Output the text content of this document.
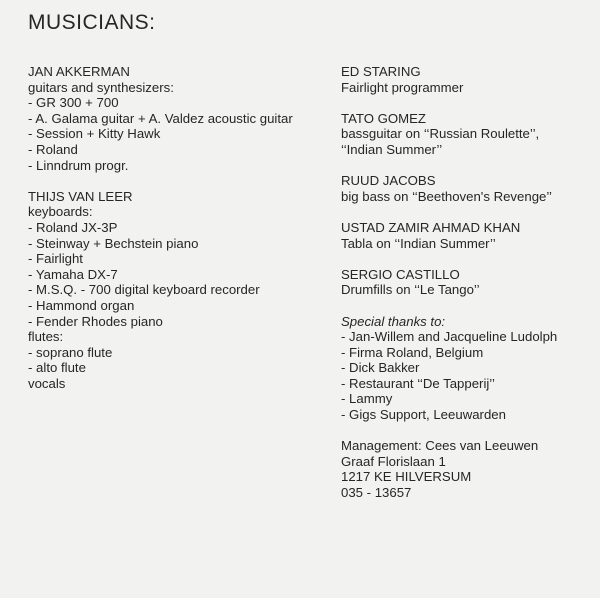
MUSICIANS:
JAN AKKERMAN
guitars and synthesizers:
- GR 300 + 700
- A. Galama guitar + A. Valdez acoustic guitar
- Session + Kitty Hawk
- Roland
- Linndrum progr.
THIJS VAN LEER
keyboards:
- Roland JX-3P
- Steinway + Bechstein piano
- Fairlight
- Yamaha DX-7
- M.S.Q. - 700 digital keyboard recorder
- Hammond organ
- Fender Rhodes piano
flutes:
- soprano flute
- alto flute
vocals
ED STARING
Fairlight programmer
TATO GOMEZ
bassguitar on ‘‘Russian Roulette’’,
‘‘Indian Summer’’
RUUD JACOBS
big bass on ‘‘Beethoven's Revenge’’
USTAD ZAMIR AHMAD KHAN
Tabla on ‘‘Indian Summer’’
SERGIO CASTILLO
Drumfills on ‘‘Le Tango’’
Special thanks to:
- Jan-Willem and Jacqueline Ludolph
- Firma Roland, Belgium
- Dick Bakker
- Restaurant ‘‘De Tapperij’’
- Lammy
- Gigs Support, Leeuwarden
Management: Cees van Leeuwen
Graaf Florislaan 1
1217 KE HILVERSUM
035 - 13657
